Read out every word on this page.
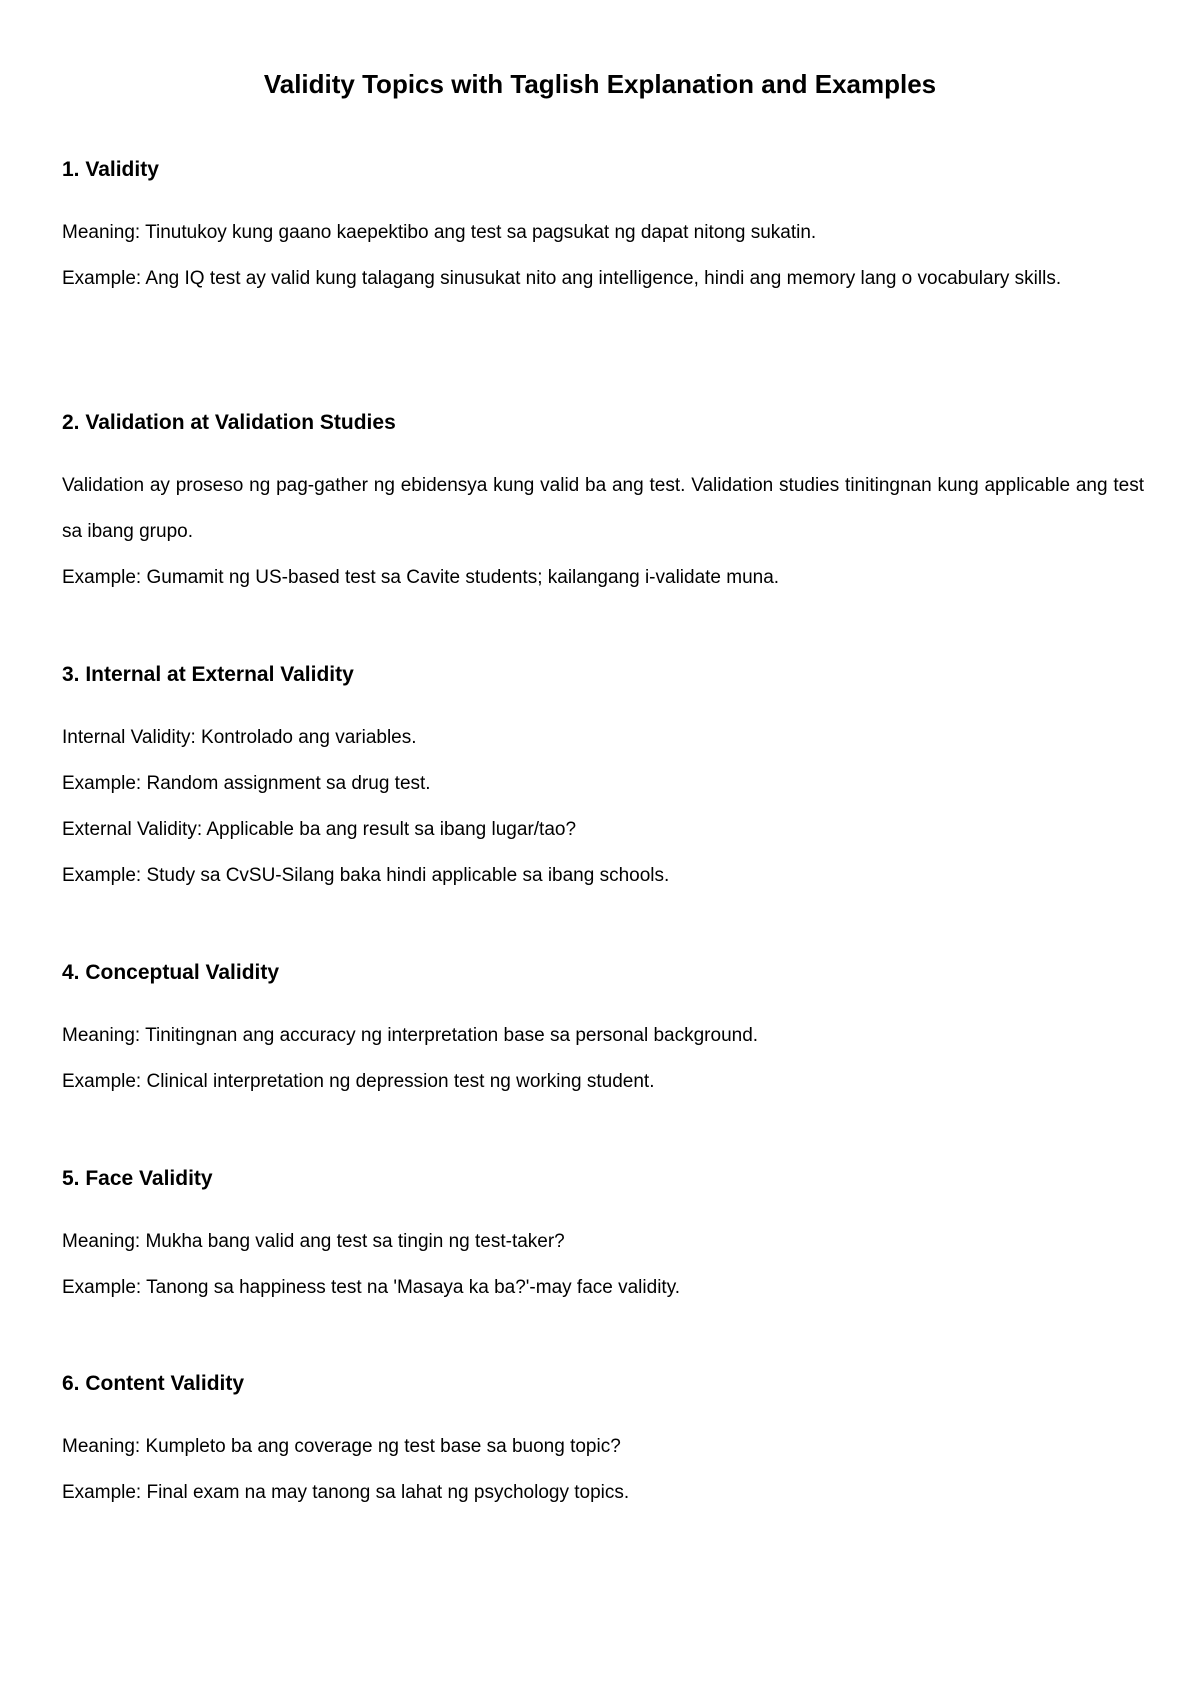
Validity Topics with Taglish Explanation and Examples
1. Validity

Meaning: Tinutukoy kung gaano kaepektibo ang test sa pagsukat ng dapat nitong sukatin.

Example: Ang IQ test ay valid kung talagang sinusukat nito ang intelligence, hindi ang memory lang o vocabulary skills.

2. Validation at Validation Studies

Validation ay proseso ng pag-gather ng ebidensya kung valid ba ang test. Validation studies tinitingnan kung applicable ang test sa ibang grupo.

Example: Gumamit ng US-based test sa Cavite students; kailangang i-validate muna.

3. Internal at External Validity

Internal Validity: Kontrolado ang variables.

Example: Random assignment sa drug test.

External Validity: Applicable ba ang result sa ibang lugar/tao?

Example: Study sa CvSU-Silang baka hindi applicable sa ibang schools.

4. Conceptual Validity

Meaning: Tinitingnan ang accuracy ng interpretation base sa personal background.

Example: Clinical interpretation ng depression test ng working student.

5. Face Validity

Meaning: Mukha bang valid ang test sa tingin ng test-taker?

Example: Tanong sa happiness test na 'Masaya ka ba?'-may face validity.

6. Content Validity

Meaning: Kumpleto ba ang coverage ng test base sa buong topic?

Example: Final exam na may tanong sa lahat ng psychology topics.
